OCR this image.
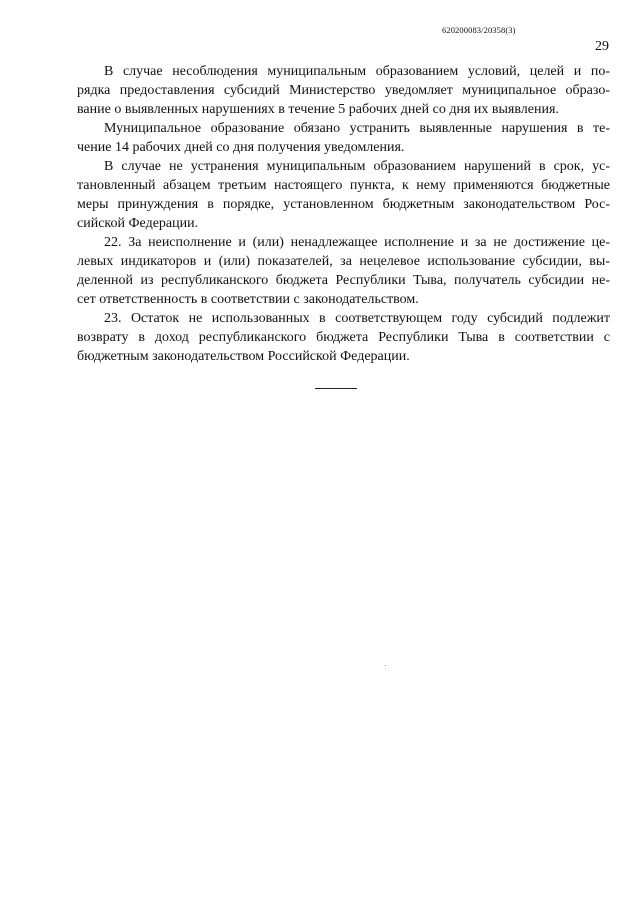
620200083/20358(3)
29
В случае несоблюдения муниципальным образованием условий, целей и по-
рядка предоставления субсидий Министерство уведомляет муниципальное образо-
вание о выявленных нарушениях в течение 5 рабочих дней со дня их выявления.
Муниципальное образование обязано устранить выявленные нарушения в те-
чение 14 рабочих дней со дня получения уведомления.
В случае не устранения муниципальным образованием нарушений в срок, ус-
тановленный абзацем третьим настоящего пункта, к нему применяются бюджетные
меры принуждения в порядке, установленном бюджетным законодательством Рос-
сийской Федерации.
22. За неисполнение и (или) ненадлежащее исполнение и за не достижение це-
левых индикаторов и (или) показателей, за нецелевое использование субсидии, вы-
деленной из республиканского бюджета Республики Тыва, получатель субсидии не-
сет ответственность в соответствии с законодательством.
23. Остаток не использованных в соответствующем году субсидий подлежит
возврату в доход республиканского бюджета Республики Тыва в соответствии с
бюджетным законодательством Российской Федерации.
